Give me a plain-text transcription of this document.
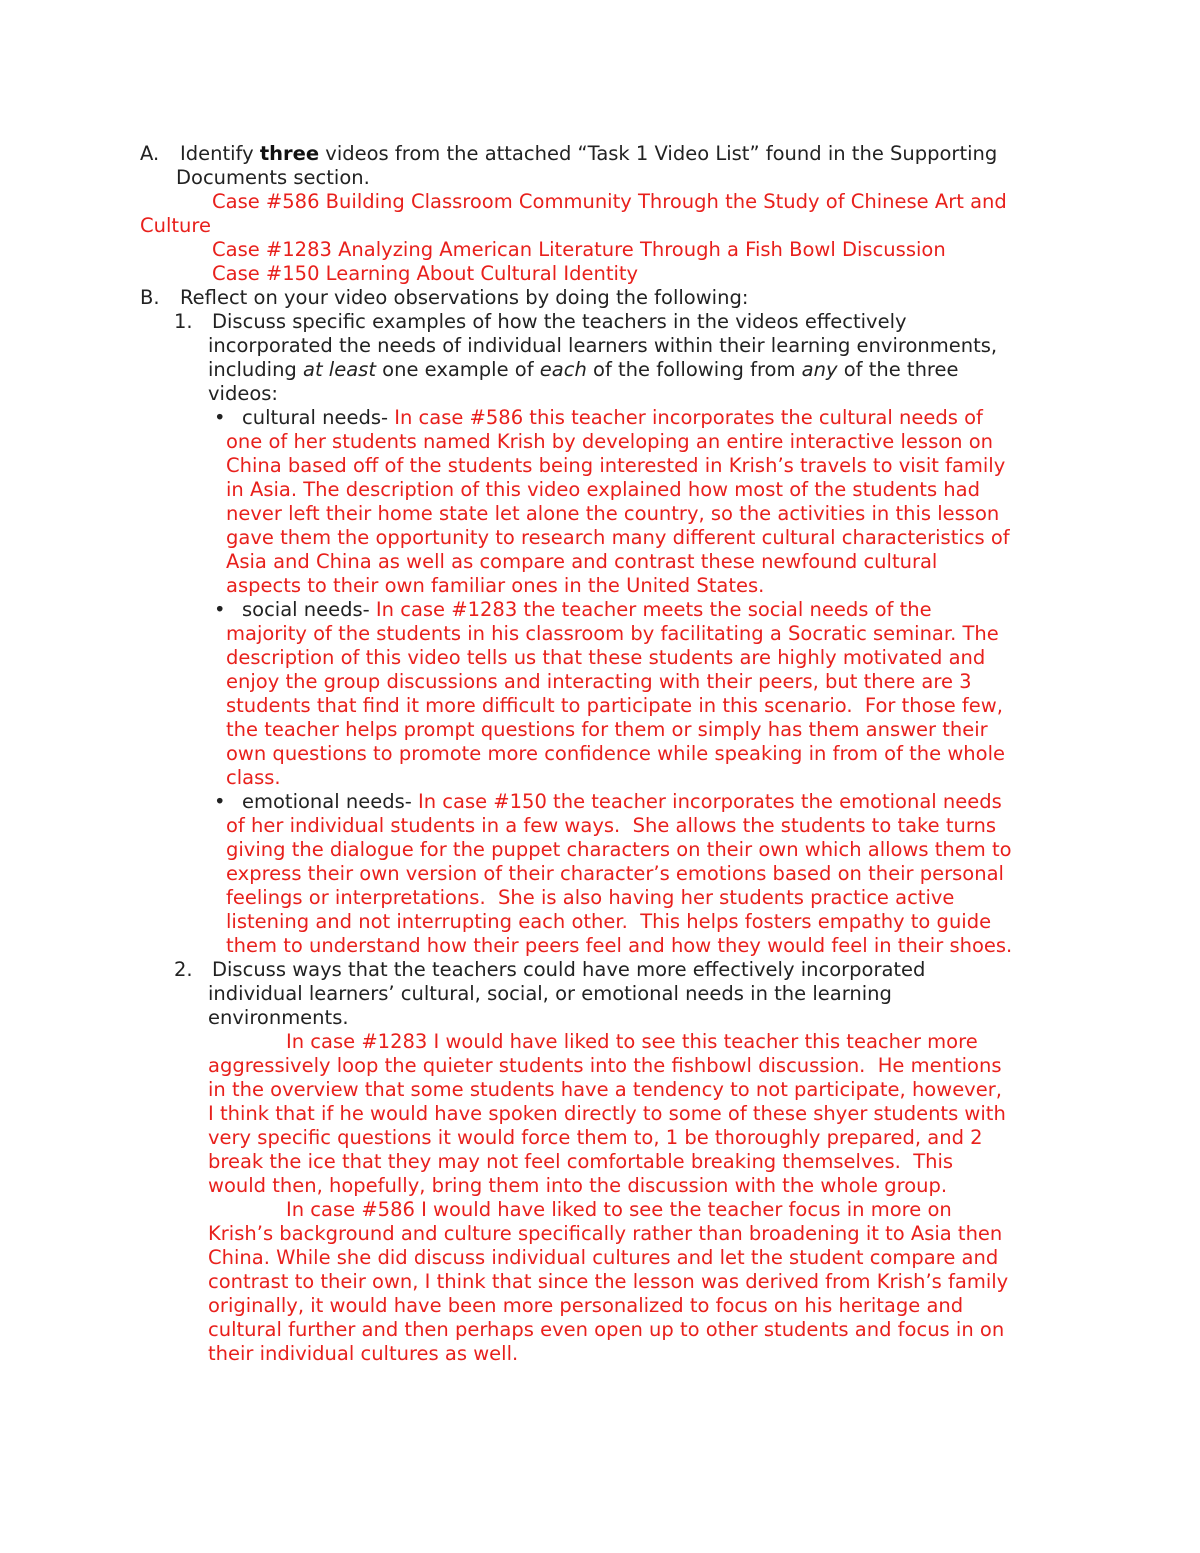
A. Identify three videos from the attached “Task 1 Video List” found in the Supporting
Documents section.
Case #586 Building Classroom Community Through the Study of Chinese Art and
Culture
Case #1283 Analyzing American Literature Through a Fish Bowl Discussion
Case #150 Learning About Cultural Identity
B. Reflect on your video observations by doing the following:
1. Discuss specific examples of how the teachers in the videos effectively
incorporated the needs of individual learners within their learning environments,
including at least one example of each of the following from any of the three
videos:
• cultural needs- In case #586 this teacher incorporates the cultural needs of
one of her students named Krish by developing an entire interactive lesson on
China based off of the students being interested in Krish’s travels to visit family
in Asia. The description of this video explained how most of the students had
never left their home state let alone the country, so the activities in this lesson
gave them the opportunity to research many different cultural characteristics of
Asia and China as well as compare and contrast these newfound cultural
aspects to their own familiar ones in the United States.
• social needs- In case #1283 the teacher meets the social needs of the
majority of the students in his classroom by facilitating a Socratic seminar. The
description of this video tells us that these students are highly motivated and
enjoy the group discussions and interacting with their peers, but there are 3
students that find it more difficult to participate in this scenario.  For those few,
the teacher helps prompt questions for them or simply has them answer their
own questions to promote more confidence while speaking in from of the whole
class.
• emotional needs- In case #150 the teacher incorporates the emotional needs
of her individual students in a few ways.  She allows the students to take turns
giving the dialogue for the puppet characters on their own which allows them to
express their own version of their character’s emotions based on their personal
feelings or interpretations.  She is also having her students practice active
listening and not interrupting each other.  This helps fosters empathy to guide
them to understand how their peers feel and how they would feel in their shoes.
2. Discuss ways that the teachers could have more effectively incorporated
individual learners’ cultural, social, or emotional needs in the learning
environments.
In case #1283 I would have liked to see this teacher this teacher more
aggressively loop the quieter students into the fishbowl discussion.  He mentions
in the overview that some students have a tendency to not participate, however,
I think that if he would have spoken directly to some of these shyer students with
very specific questions it would force them to, 1 be thoroughly prepared, and 2
break the ice that they may not feel comfortable breaking themselves.  This
would then, hopefully, bring them into the discussion with the whole group.
In case #586 I would have liked to see the teacher focus in more on
Krish’s background and culture specifically rather than broadening it to Asia then
China. While she did discuss individual cultures and let the student compare and
contrast to their own, I think that since the lesson was derived from Krish’s family
originally, it would have been more personalized to focus on his heritage and
cultural further and then perhaps even open up to other students and focus in on
their individual cultures as well.
